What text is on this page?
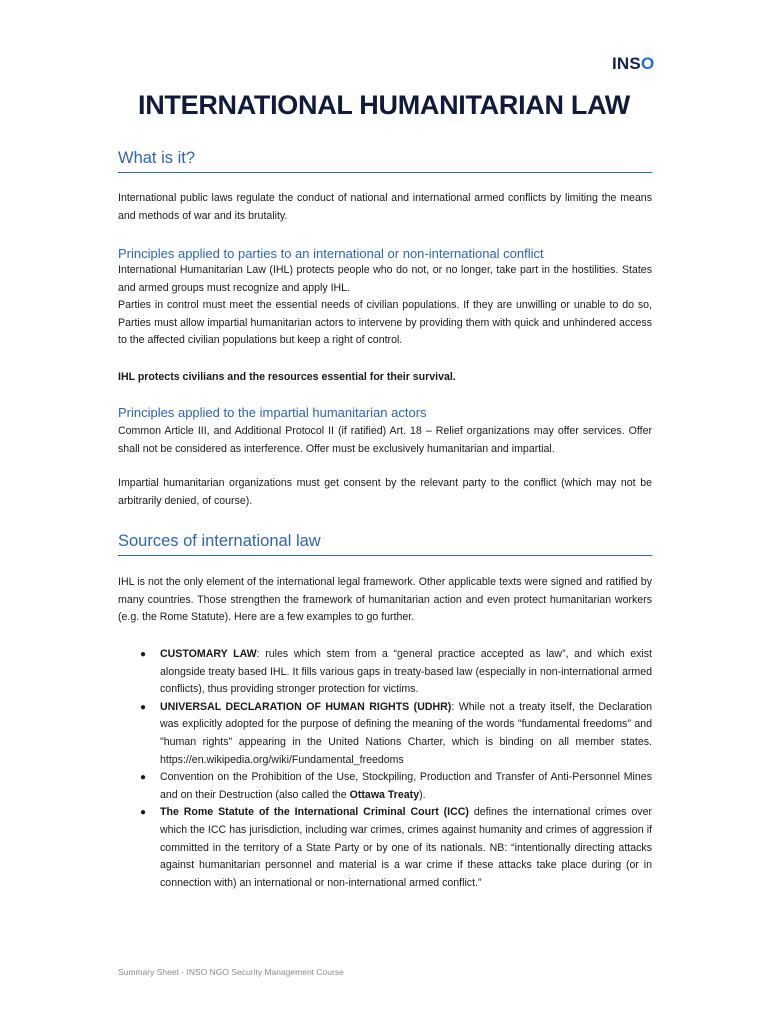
INSO
INTERNATIONAL HUMANITARIAN LAW
What is it?

International public laws regulate the conduct of national and international armed conflicts by limiting the means and methods of war and its brutality.

Principles applied to parties to an international or non-international conflict

International Humanitarian Law (IHL) protects people who do not, or no longer, take part in the hostilities. States and armed groups must recognize and apply IHL.

Parties in control must meet the essential needs of civilian populations. If they are unwilling or unable to do so, Parties must allow impartial humanitarian actors to intervene by providing them with quick and unhindered access to the affected civilian populations but keep a right of control.

IHL protects civilians and the resources essential for their survival.

Principles applied to the impartial humanitarian actors

Common Article III, and Additional Protocol II (if ratified) Art. 18 – Relief organizations may offer services. Offer shall not be considered as interference. Offer must be exclusively humanitarian and impartial.

Impartial humanitarian organizations must get consent by the relevant party to the conflict (which may not be arbitrarily denied, of course).

Sources of international law

IHL is not the only element of the international legal framework. Other applicable texts were signed and ratified by many countries. Those strengthen the framework of humanitarian action and even protect humanitarian workers (e.g. the Rome Statute). Here are a few examples to go further.

● CUSTOMARY LAW: rules which stem from a “general practice accepted as law”, and which exist alongside treaty based IHL. It fills various gaps in treaty-based law (especially in non-international armed conflicts), thus providing stronger protection for victims.
● UNIVERSAL DECLARATION OF HUMAN RIGHTS (UDHR): While not a treaty itself, the Declaration was explicitly adopted for the purpose of defining the meaning of the words "fundamental freedoms" and "human rights" appearing in the United Nations Charter, which is binding on all member states. https://en.wikipedia.org/wiki/Fundamental_freedoms
● Convention on the Prohibition of the Use, Stockpiling, Production and Transfer of Anti-Personnel Mines and on their Destruction (also called the Ottawa Treaty).
● The Rome Statute of the International Criminal Court (ICC) defines the international crimes over which the ICC has jurisdiction, including war crimes, crimes against humanity and crimes of aggression if committed in the territory of a State Party or by one of its nationals. NB: “intentionally directing attacks against humanitarian personnel and material is a war crime if these attacks take place during (or in connection with) an international or non-international armed conflict.”
Summary Sheet - INSO NGO Security Management Course
